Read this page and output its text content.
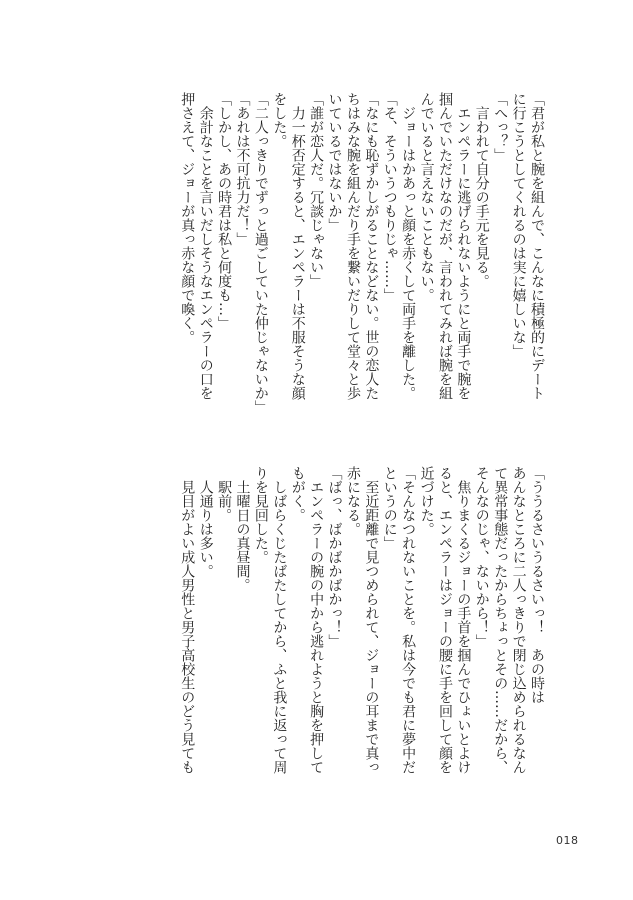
「君が私と腕を組んで、こんなに積極的にデート
に行こうとしてくれるのは実に嬉しいな」
「へっ？」
　言われて自分の手元を見る。
　エンペラーに逃げられないようにと両手で腕を
掴んでいただけなのだが、言われてみれば腕を組
んでいると言えないこともない。
　ジョーはかあっと顔を赤くして両手を離した。
「そ、そういうつもりじゃ……」
「なにも恥ずかしがることなどない。世の恋人た
ちはみな腕を組んだり手を繋いだりして堂々と歩
いているではないか」
「誰が恋人だ。冗談じゃない」
　力一杯否定すると、エンペラーは不服そうな顔
をした。
「二人っきりでずっと過ごしていた仲じゃないか」
「あれは不可抗力だ！」
「しかし、あの時君は私と何度も…」
　余計なことを言いだしそうなエンペラーの口を
押さえて、ジョーが真っ赤な顔で喚く。
「ううるさいうるさいっ！　あの時は
あんなところに二人っきりで閉じ込められるなん
て異常事態だったからちょっとその……だから、
そんなのじゃ、ないから！」
　焦りまくるジョーの手首を掴んでひょいとよけ
ると、エンペラーはジョーの腰に手を回して顔を
近づけた。
「そんなつれないことを。私は今でも君に夢中だ
というのに」
　至近距離で見つめられて、ジョーの耳まで真っ
赤になる。
「ばっ、ばかばかばかっ！」
　エンペラーの腕の中から逃れようと胸を押して
もがく。
　しばらくじたばたしてから、ふと我に返って周
りを見回した。
　土曜日の真昼間。
　駅前。
　人通りは多い。
　見目がよい成人男性と男子高校生のどう見ても
018
